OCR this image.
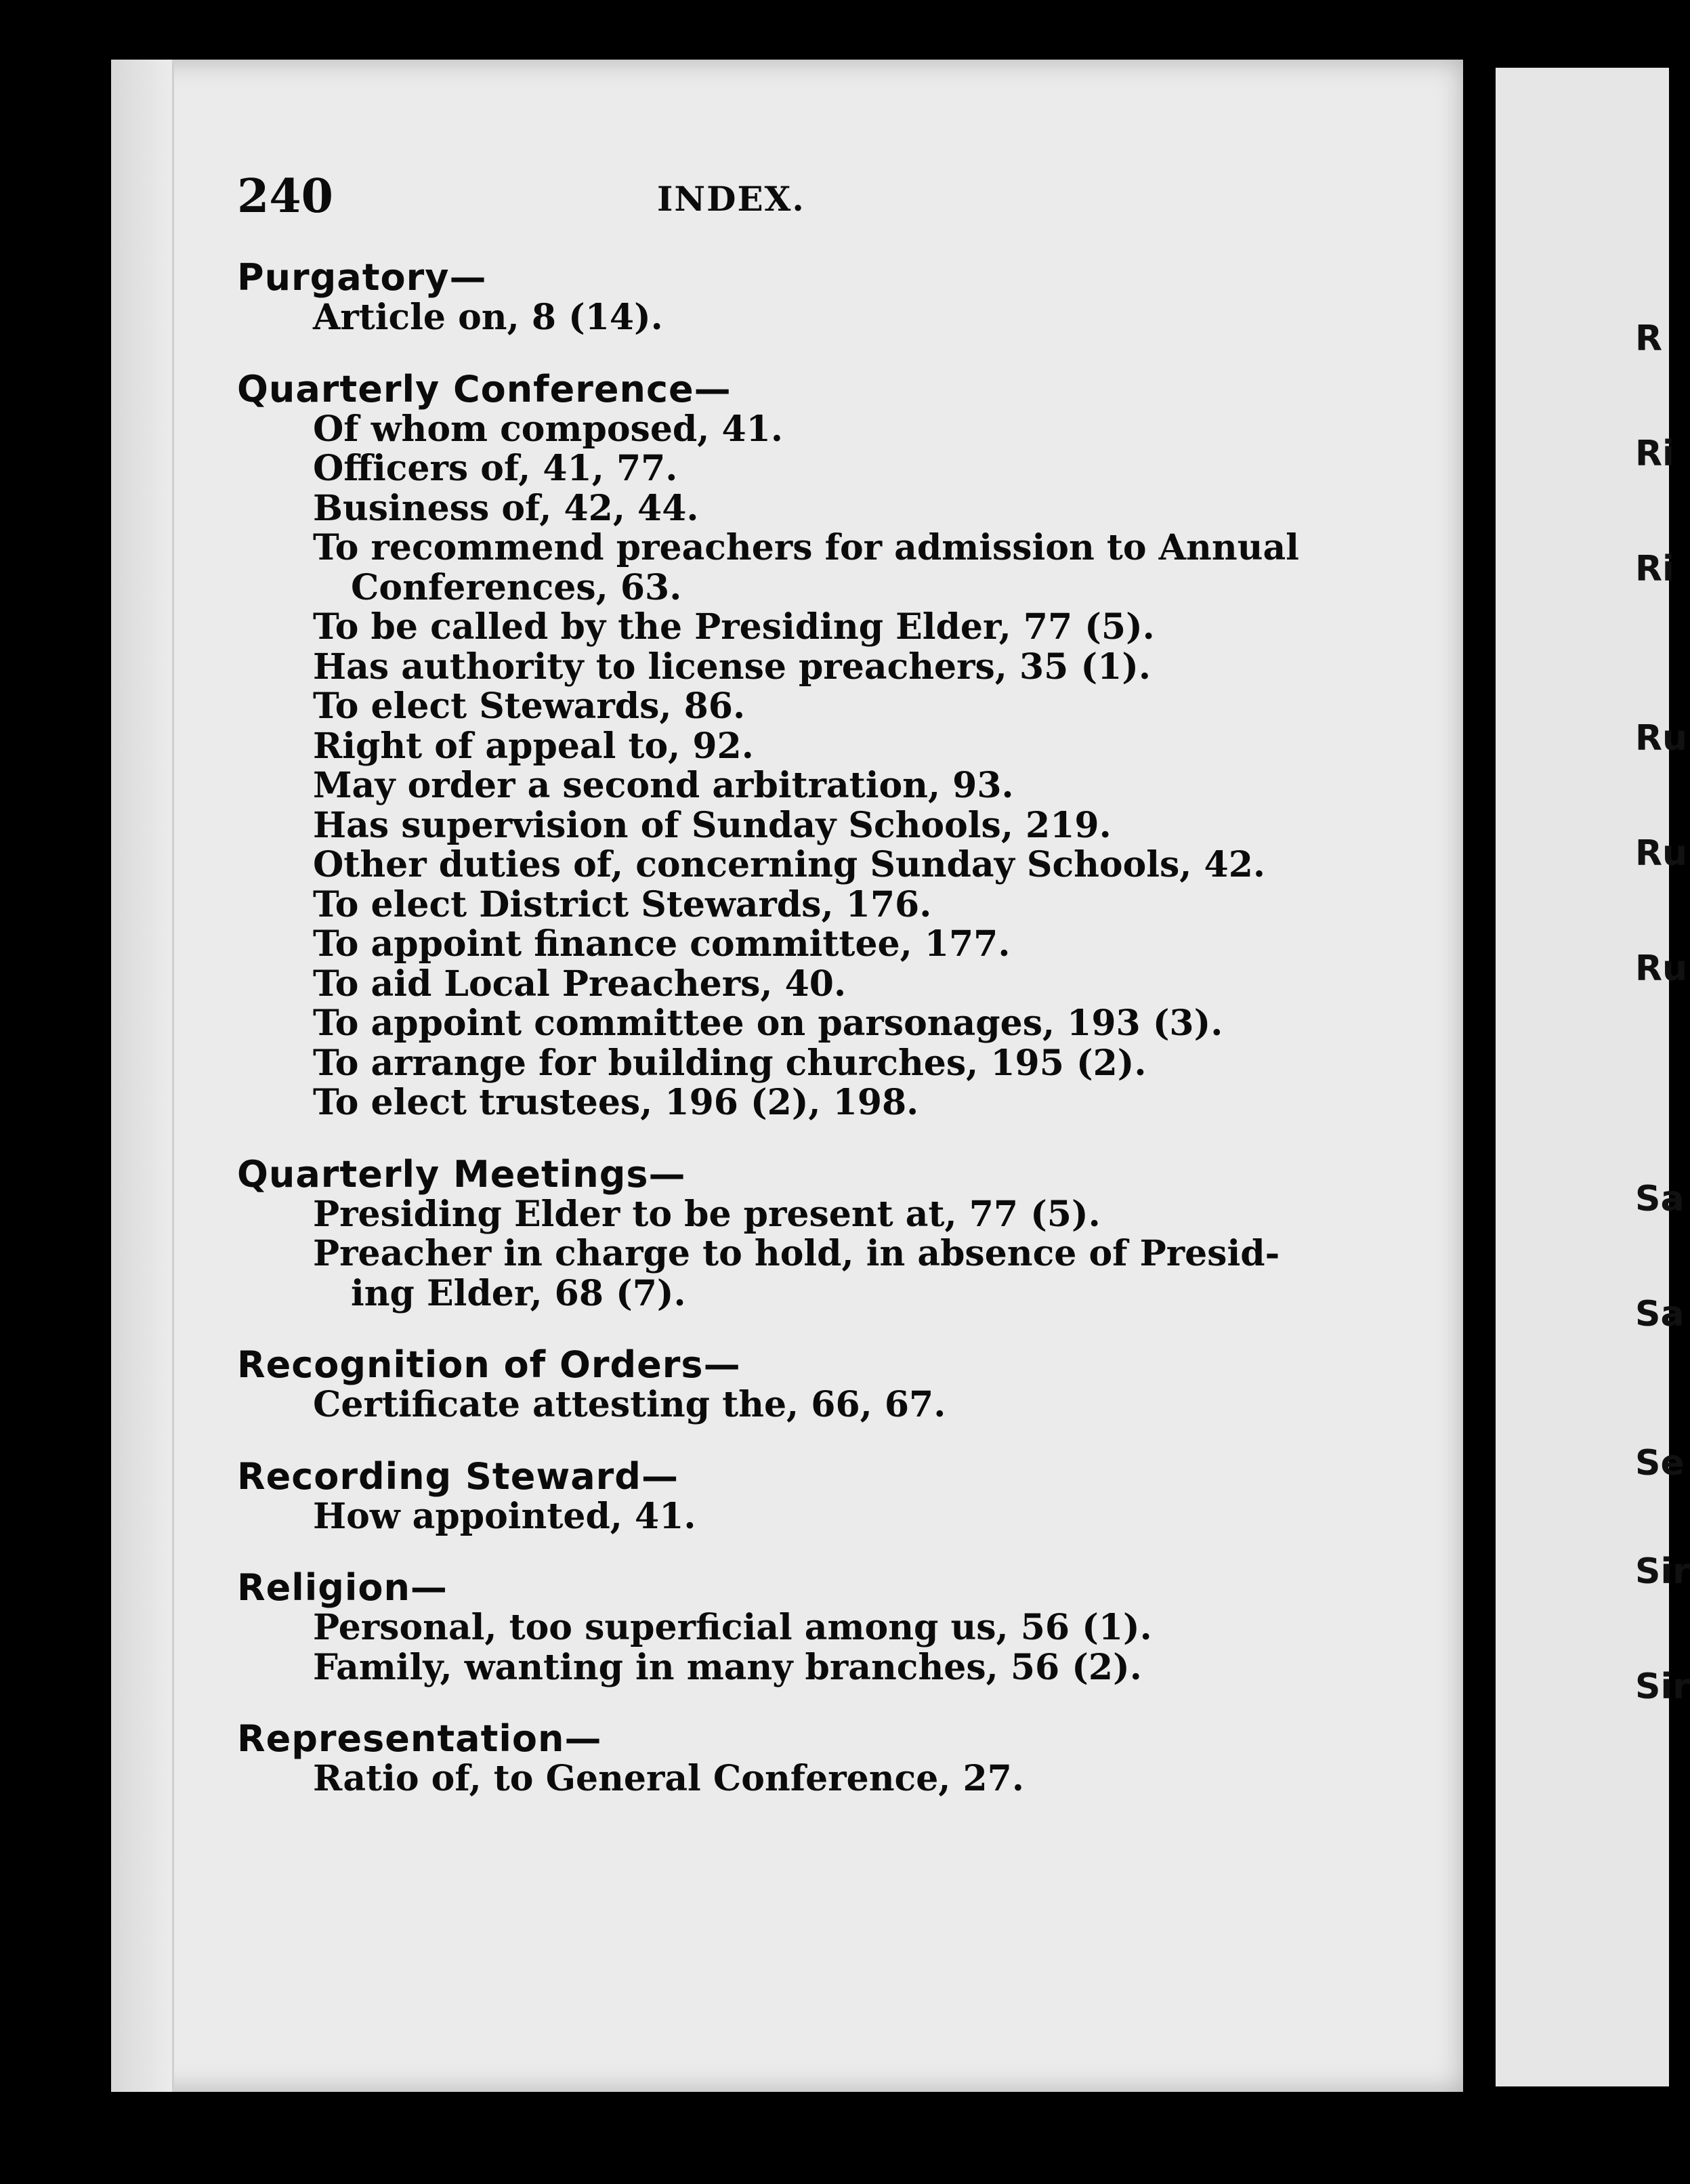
R
Ri
Ri
Ru
Ru
Ru
Sa
Sa
Se
Sir
Sir
240	INDEX.
Purgatory—
Article on, 8 (14).
Quarterly Conference—
Of whom composed, 41.
Officers of, 41, 77.
Business of, 42, 44.
To recommend preachers for admission to Annual
Conferences, 63.
To be called by the Presiding Elder, 77 (5).
Has authority to license preachers, 35 (1).
To elect Stewards, 86.
Right of appeal to, 92.
May order a second arbitration, 93.
Has supervision of Sunday Schools, 219.
Other duties of, concerning Sunday Schools, 42.
To elect District Stewards, 176.
To appoint finance committee, 177.
To aid Local Preachers, 40.
To appoint committee on parsonages, 193 (3).
To arrange for building churches, 195 (2).
To elect trustees, 196 (2), 198.
Quarterly Meetings—
Presiding Elder to be present at, 77 (5).
Preacher in charge to hold, in absence of Presid-
ing Elder, 68 (7).
Recognition of Orders—
Certificate attesting the, 66, 67.
Recording Steward—
How appointed, 41.
Religion—
Personal, too superficial among us, 56 (1).
Family, wanting in many branches, 56 (2).
Representation—
Ratio of, to General Conference, 27.
